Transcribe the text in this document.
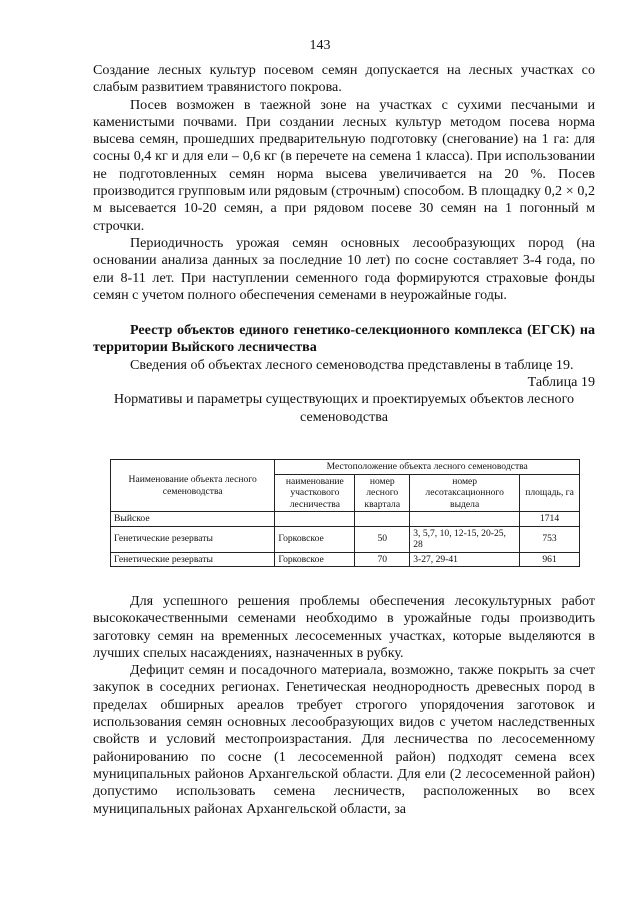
143

Создание лесных культур посевом семян допускается на лесных участках со слабым развитием травянистого покрова.

Посев возможен в таежной зоне на участках с сухими песчаными и каменистыми почвами. При создании лесных культур методом посева норма высева семян, прошедших предварительную подготовку (снегование) на 1 га: для сосны 0,4 кг и для ели – 0,6 кг (в перечете на семена 1 класса). При использовании не подготовленных семян норма высева увеличивается на 20 %. Посев производится групповым или рядовым (строчным) способом. В площадку 0,2 × 0,2 м высевается 10-20 семян, а при рядовом посеве 30 семян на 1 погонный м строчки.

Периодичность урожая семян основных лесообразующих пород (на основании анализа данных за последние 10 лет) по сосне составляет 3-4 года, по ели 8-11 лет. При наступлении семенного года формируются страховые фонды семян с учетом полного обеспечения семенами в неурожайные годы.

Реестр объектов единого генетико-селекционного комплекса (ЕГСК) на территории Выйского лесничества

Сведения об объектах лесного семеноводства представлены в таблице 19.

Таблица 19

Нормативы и параметры существующих и проектируемых объектов лесного семеноводства

Наименование объекта лесного семеноводства	Местоположение объекта лесного семеноводства			
	наименование участкового лесничества	номер лесного квартала	номер лесотаксационного выдела	площадь, га
Выйское				1714
Генетические резерваты	Горковское	50	3, 5,7, 10, 12-15, 20-25, 28	753
Генетические резерваты	Горковское	70	3-27, 29-41	961

Для успешного решения проблемы обеспечения лесокультурных работ высококачественными семенами необходимо в урожайные годы производить заготовку семян на временных лесосеменных участках, которые выделяются в лучших спелых насаждениях, назначенных в рубку.

Дефицит семян и посадочного материала, возможно, также покрыть за счет закупок в соседних регионах. Генетическая неоднородность древесных пород в пределах обширных ареалов требует строгого упорядочения заготовок и использования семян основных лесообразующих видов с учетом наследственных свойств и условий местопроизрастания. Для лесничества по лесосеменному районированию по сосне (1 лесосеменной район) подходят семена всех муниципальных районов Архангельской области. Для ели (2 лесосеменной район) допустимо использовать семена лесничеств, расположенных во всех муниципальных районах Архангельской области, за
